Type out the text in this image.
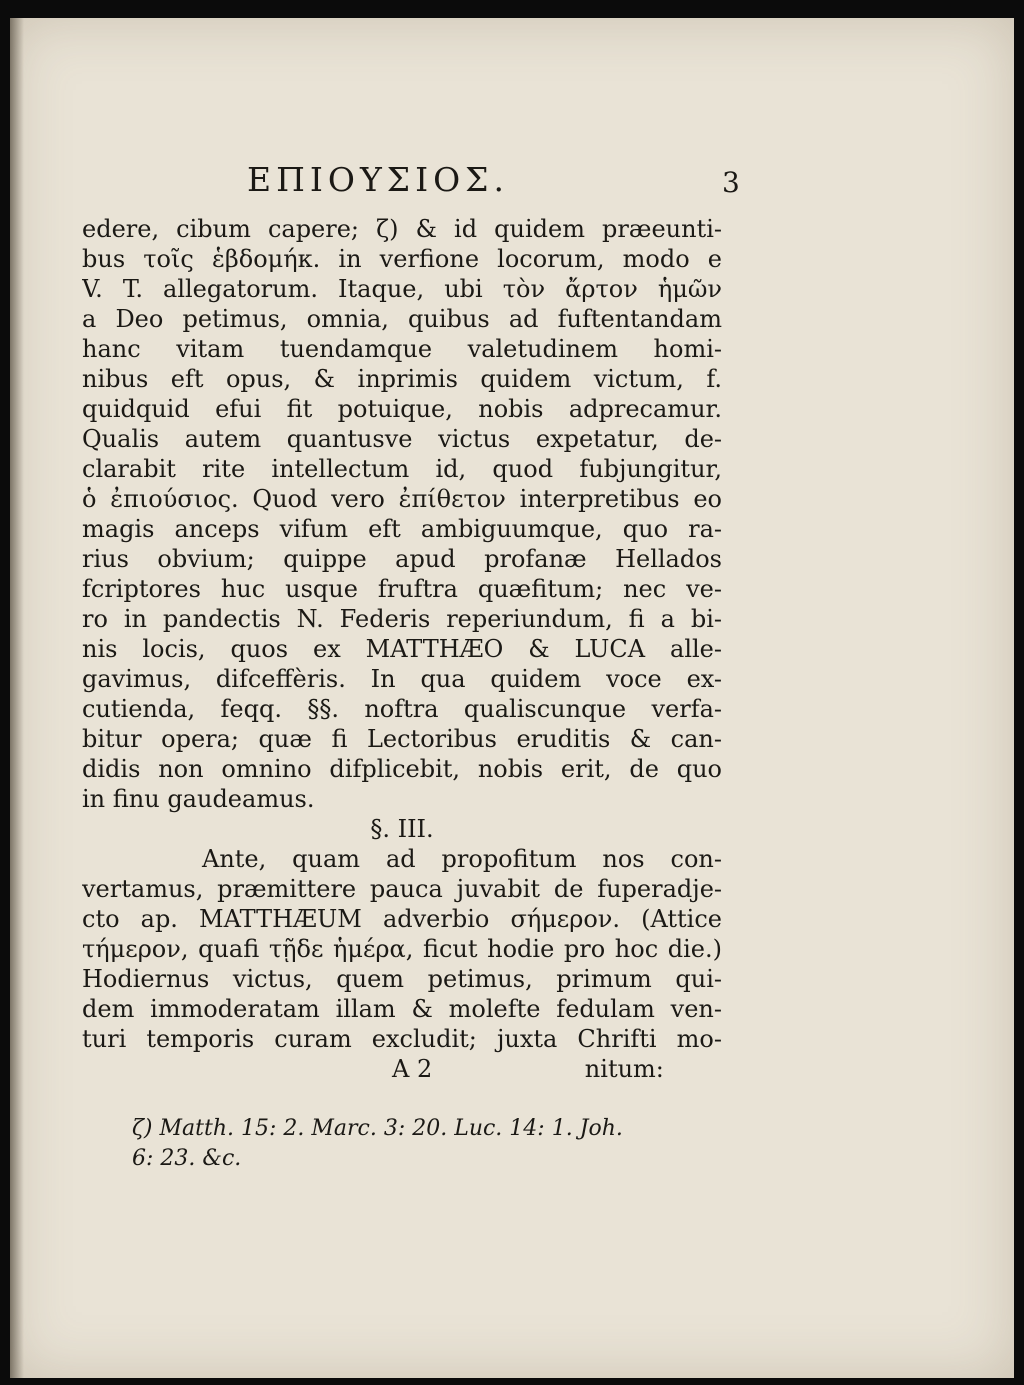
ΕΠΙΟΥΣΙΟΣ.	3
edere, cibum capere; ζ) & id quidem præeunti-
bus τοῖς ἑβδομήκ. in verfione locorum, modo e
V. T. allegatorum. Itaque, ubi τὸν ἄρτον ἡμῶν
a Deo petimus, omnia, quibus ad fuftentandam
hanc vitam tuendamque valetudinem homi-
nibus eft opus, & inprimis quidem victum, f.
quidquid efui fit potuique, nobis adprecamur.
Qualis autem quantusve victus expetatur, de-
clarabit rite intellectum id, quod fubjungitur,
ὁ ἐπιούσιος. Quod vero ἐπίθετον interpretibus eo
magis anceps vifum eft ambiguumque, quo ra-
rius obvium; quippe apud profanæ Hellados
fcriptores huc usque fruftra quæfitum; nec ve-
ro in pandectis N. Federis reperiundum, fi a bi-
nis locis, quos ex MATTHÆO & LUCA alle-
gavimus, difceffèris. In qua quidem voce ex-
cutienda, feqq. §§. noftra qualiscunque verfa-
bitur opera; quæ fi Lectoribus eruditis & can-
didis non omnino difplicebit, nobis erit, de quo
in finu gaudeamus.
§. III.
Ante, quam ad propofitum nos con-
vertamus, præmittere pauca juvabit de fuperadje-
cto ap. MATTHÆUM adverbio σήμερον. (Attice
τήμερον, quafi τῇδε ἡμέρα, ficut hodie pro hoc die.)
Hodiernus victus, quem petimus, primum qui-
dem immoderatam illam & molefte fedulam ven-
turi temporis curam excludit; juxta Chrifti mo-
A 2                    nitum:
ζ) Matth. 15: 2. Marc. 3: 20. Luc. 14: 1. Joh.
6: 23. &c.
